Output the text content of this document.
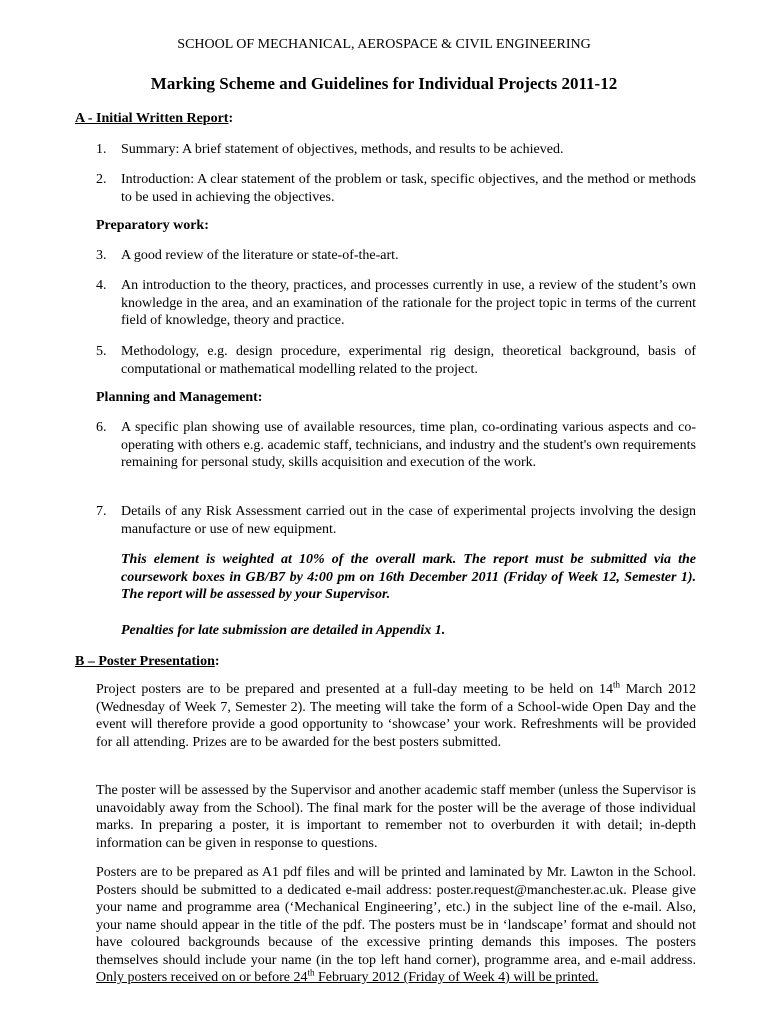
SCHOOL OF MECHANICAL, AEROSPACE & CIVIL ENGINEERING
Marking Scheme and Guidelines for Individual Projects 2011-12
A - Initial Written Report:
1. Summary: A brief statement of objectives, methods, and results to be achieved.
2. Introduction: A clear statement of the problem or task, specific objectives, and the method or methods to be used in achieving the objectives.
Preparatory work:
3. A good review of the literature or state-of-the-art.
4. An introduction to the theory, practices, and processes currently in use, a review of the student’s own knowledge in the area, and an examination of the rationale for the project topic in terms of the current field of knowledge, theory and practice.
5. Methodology, e.g. design procedure, experimental rig design, theoretical background, basis of computational or mathematical modelling related to the project.
Planning and Management:
6. A specific plan showing use of available resources, time plan, co-ordinating various aspects and co-operating with others e.g. academic staff, technicians, and industry and the student's own requirements remaining for personal study, skills acquisition and execution of the work.
7. Details of any Risk Assessment carried out in the case of experimental projects involving the design manufacture or use of new equipment.
This element is weighted at 10% of the overall mark. The report must be submitted via the coursework boxes in GB/B7 by 4:00 pm on 16th December 2011 (Friday of Week 12, Semester 1). The report will be assessed by your Supervisor.
Penalties for late submission are detailed in Appendix 1.
B – Poster Presentation:
Project posters are to be prepared and presented at a full-day meeting to be held on 14th March 2012 (Wednesday of Week 7, Semester 2). The meeting will take the form of a School-wide Open Day and the event will therefore provide a good opportunity to ‘showcase’ your work. Refreshments will be provided for all attending. Prizes are to be awarded for the best posters submitted.
The poster will be assessed by the Supervisor and another academic staff member (unless the Supervisor is unavoidably away from the School). The final mark for the poster will be the average of those individual marks. In preparing a poster, it is important to remember not to overburden it with detail; in-depth information can be given in response to questions.
Posters are to be prepared as A1 pdf files and will be printed and laminated by Mr. Lawton in the School. Posters should be submitted to a dedicated e-mail address: poster.request@manchester.ac.uk. Please give your name and programme area (‘Mechanical Engineering’, etc.) in the subject line of the e-mail. Also, your name should appear in the title of the pdf. The posters must be in ‘landscape’ format and should not have coloured backgrounds because of the excessive printing demands this imposes. The posters themselves should include your name (in the top left hand corner), programme area, and e-mail address. Only posters received on or before 24th February 2012 (Friday of Week 4) will be printed.
